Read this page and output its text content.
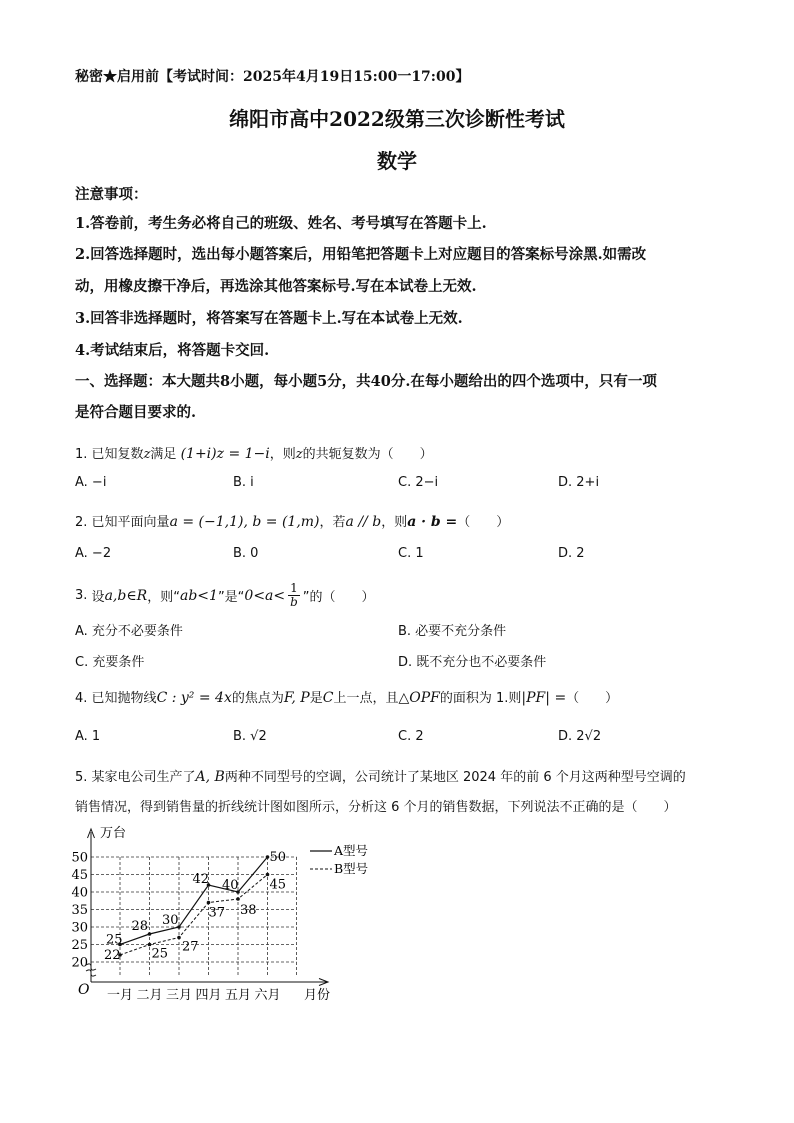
秘密★启用前【考试时间：2025年4月19日15:00一17:00】
绵阳市高中2022级第三次诊断性考试
数学
注意事项：
1.答卷前，考生务必将自己的班级、姓名、考号填写在答题卡上.
2.回答选择题时，选出每小题答案后，用铅笔把答题卡上对应题目的答案标号涂黑.如需改
动，用橡皮擦干净后，再选涂其他答案标号.写在本试卷上无效.
3.回答非选择题时，将答案写在答题卡上.写在本试卷上无效.
4.考试结束后，将答题卡交回.
一、选择题：本大题共8小题，每小题5分，共40分.在每小题给出的四个选项中，只有一项
是符合题目要求的.
1. 已知复数z满足 (1+i)z = 1−i，则z的共轭复数为（　　）
A. −i	B. i	C. 2−i	D. 2+i
2. 已知平面向量a = (−1,1), b = (1,m)，若a // b，则a · b =（　　）
A. −2	B. 0	C. 1	D. 2
3.
设 a,b∈R ，则“ ab<1 ”是“ $0<a< \frac{1}{b}$ ”的（　　）
A. 充分不必要条件	B. 必要不充分条件
C. 充要条件	D. 既不充分也不必要条件
4. 已知抛物线C : y² = 4x的焦点为F, P是C上一点，且△OPF的面积为 1.则|PF| =（　　）
A. 1	B. √2	C. 2	D. 2√2
5. 某家电公司生产了A, B两种不同型号的空调，公司统计了某地区 2024 年的前 6 个月这两种型号空调的
销售情况，得到销售量的折线统计图如图所示，分析这 6 个月的销售数据，下列说法不正确的是（　　）
20
25
30
35
40
45
50
万台
O	月份
一月 二月 三月 四月 五月 六月
25
28 30
42 40
50
22 25 27
37 38
45
A型号
B型号
